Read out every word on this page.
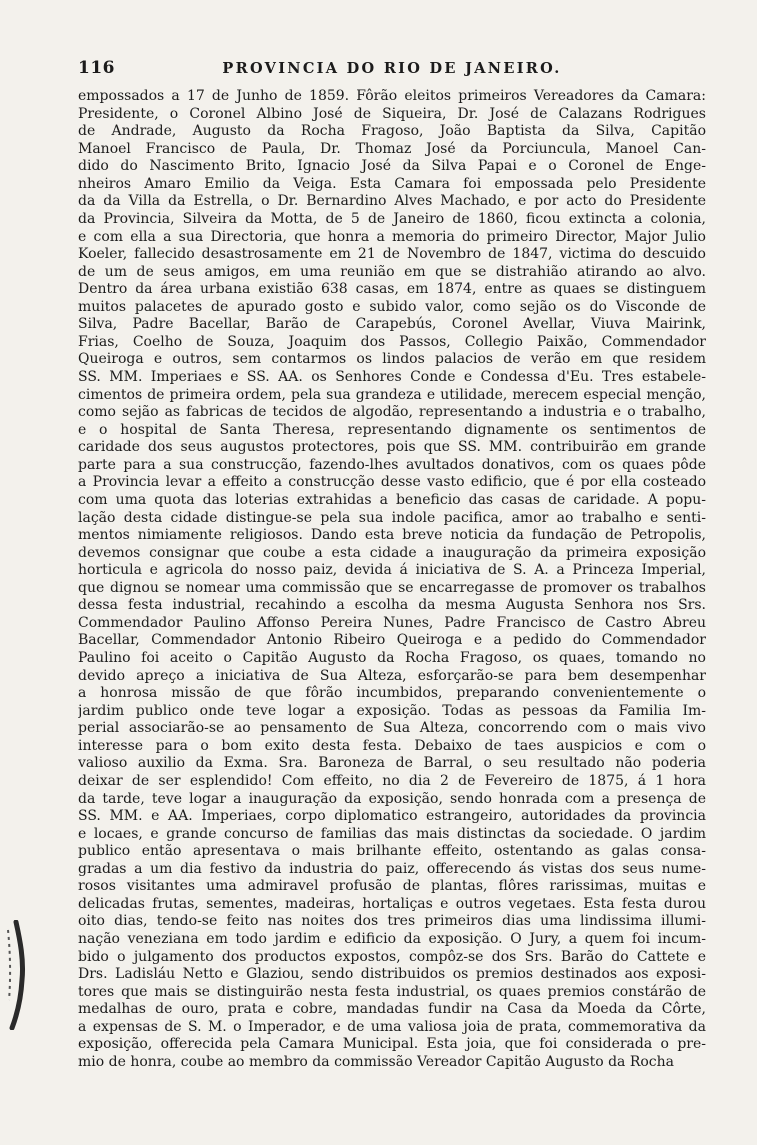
116	PROVINCIA DO RIO DE JANEIRO.

empossados a 17 de Junho de 1859. Fôrão eleitos primeiros Vereadores da Camara:
Presidente, o Coronel Albino José de Siqueira, Dr. José de Calazans Rodrigues
de Andrade, Augusto da Rocha Fragoso, João Baptista da Silva, Capitão
Manoel Francisco de Paula, Dr. Thomaz José da Porciuncula, Manoel Can-
dido do Nascimento Brito, Ignacio José da Silva Papai e o Coronel de Enge-
nheiros Amaro Emilio da Veiga. Esta Camara foi empossada pelo Presidente
da da Villa da Estrella, o Dr. Bernardino Alves Machado, e por acto do Presidente
da Provincia, Silveira da Motta, de 5 de Janeiro de 1860, ficou extincta a colonia,
e com ella a sua Directoria, que honra a memoria do primeiro Director, Major Julio
Koeler, fallecido desastrosamente em 21 de Novembro de 1847, victima do descuido
de um de seus amigos, em uma reunião em que se distrahião atirando ao alvo.
Dentro da área urbana existião 638 casas, em 1874, entre as quaes se distinguem
muitos palacetes de apurado gosto e subido valor, como sejão os do Visconde de
Silva, Padre Bacellar, Barão de Carapebús, Coronel Avellar, Viuva Mairink,
Frias, Coelho de Souza, Joaquim dos Passos, Collegio Paixão, Commendador
Queiroga e outros, sem contarmos os lindos palacios de verão em que residem
SS. MM. Imperiaes e SS. AA. os Senhores Conde e Condessa d'Eu. Tres estabele-
cimentos de primeira ordem, pela sua grandeza e utilidade, merecem especial menção,
como sejão as fabricas de tecidos de algodão, representando a industria e o trabalho,
e o hospital de Santa Theresa, representando dignamente os sentimentos de
caridade dos seus augustos protectores, pois que SS. MM. contribuirão em grande
parte para a sua construcção, fazendo-lhes avultados donativos, com os quaes pôde
a Provincia levar a effeito a construcção desse vasto edificio, que é por ella costeado
com uma quota das loterias extrahidas a beneficio das casas de caridade. A popu-
lação desta cidade distingue-se pela sua indole pacifica, amor ao trabalho e senti-
mentos nimiamente religiosos. Dando esta breve noticia da fundação de Petropolis,
devemos consignar que coube a esta cidade a inauguração da primeira exposição
horticula e agricola do nosso paiz, devida á iniciativa de S. A. a Princeza Imperial,
que dignou se nomear uma commissão que se encarregasse de promover os trabalhos
dessa festa industrial, recahindo a escolha da mesma Augusta Senhora nos Srs.
Commendador Paulino Affonso Pereira Nunes, Padre Francisco de Castro Abreu
Bacellar, Commendador Antonio Ribeiro Queiroga e a pedido do Commendador
Paulino foi aceito o Capitão Augusto da Rocha Fragoso, os quaes, tomando no
devido apreço a iniciativa de Sua Alteza, esforçarão-se para bem desempenhar
a honrosa missão de que fôrão incumbidos, preparando convenientemente o
jardim publico onde teve logar a exposição. Todas as pessoas da Familia Im-
perial associarão-se ao pensamento de Sua Alteza, concorrendo com o mais vivo
interesse para o bom exito desta festa. Debaixo de taes auspicios e com o
valioso auxilio da Exma. Sra. Baroneza de Barral, o seu resultado não poderia
deixar de ser esplendido! Com effeito, no dia 2 de Fevereiro de 1875, á 1 hora
da tarde, teve logar a inauguração da exposição, sendo honrada com a presença de
SS. MM. e AA. Imperiaes, corpo diplomatico estrangeiro, autoridades da provincia
e locaes, e grande concurso de familias das mais distinctas da sociedade. O jardim
publico então apresentava o mais brilhante effeito, ostentando as galas consa-
gradas a um dia festivo da industria do paiz, offerecendo ás vistas dos seus nume-
rosos visitantes uma admiravel profusão de plantas, flôres rarissimas, muitas e
delicadas frutas, sementes, madeiras, hortaliças e outros vegetaes. Esta festa durou
oito dias, tendo-se feito nas noites dos tres primeiros dias uma lindissima illumi-
nação veneziana em todo jardim e edificio da exposição. O Jury, a quem foi incum-
bido o julgamento dos productos expostos, compôz-se dos Srs. Barão do Cattete e
Drs. Ladisláu Netto e Glaziou, sendo distribuidos os premios destinados aos exposi-
tores que mais se distinguirão nesta festa industrial, os quaes premios constárão de
medalhas de ouro, prata e cobre, mandadas fundir na Casa da Moeda da Côrte,
a expensas de S. M. o Imperador, e de uma valiosa joia de prata, commemorativa da
exposição, offerecida pela Camara Municipal. Esta joia, que foi considerada o pre-
mio de honra, coube ao membro da commissão Vereador Capitão Augusto da Rocha
